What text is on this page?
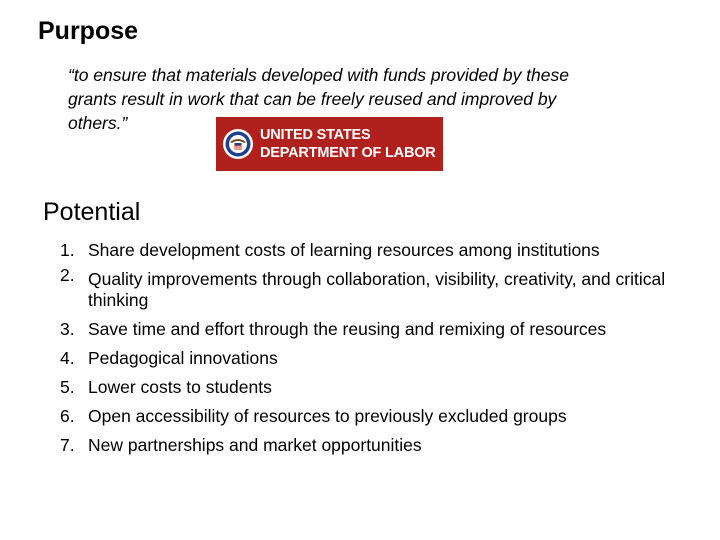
Purpose
“to ensure that materials developed with funds provided by these
grants result in work that can be freely reused and improved by
others.”
UNITED STATES
DEPARTMENT OF LABOR
Potential
1. Share development costs of learning resources among institutions
2. Quality improvements through collaboration, visibility, creativity, and critical thinking
3. Save time and effort through the reusing and remixing of resources
4. Pedagogical innovations
5. Lower costs to students
6. Open accessibility of resources to previously excluded groups
7. New partnerships and market opportunities
